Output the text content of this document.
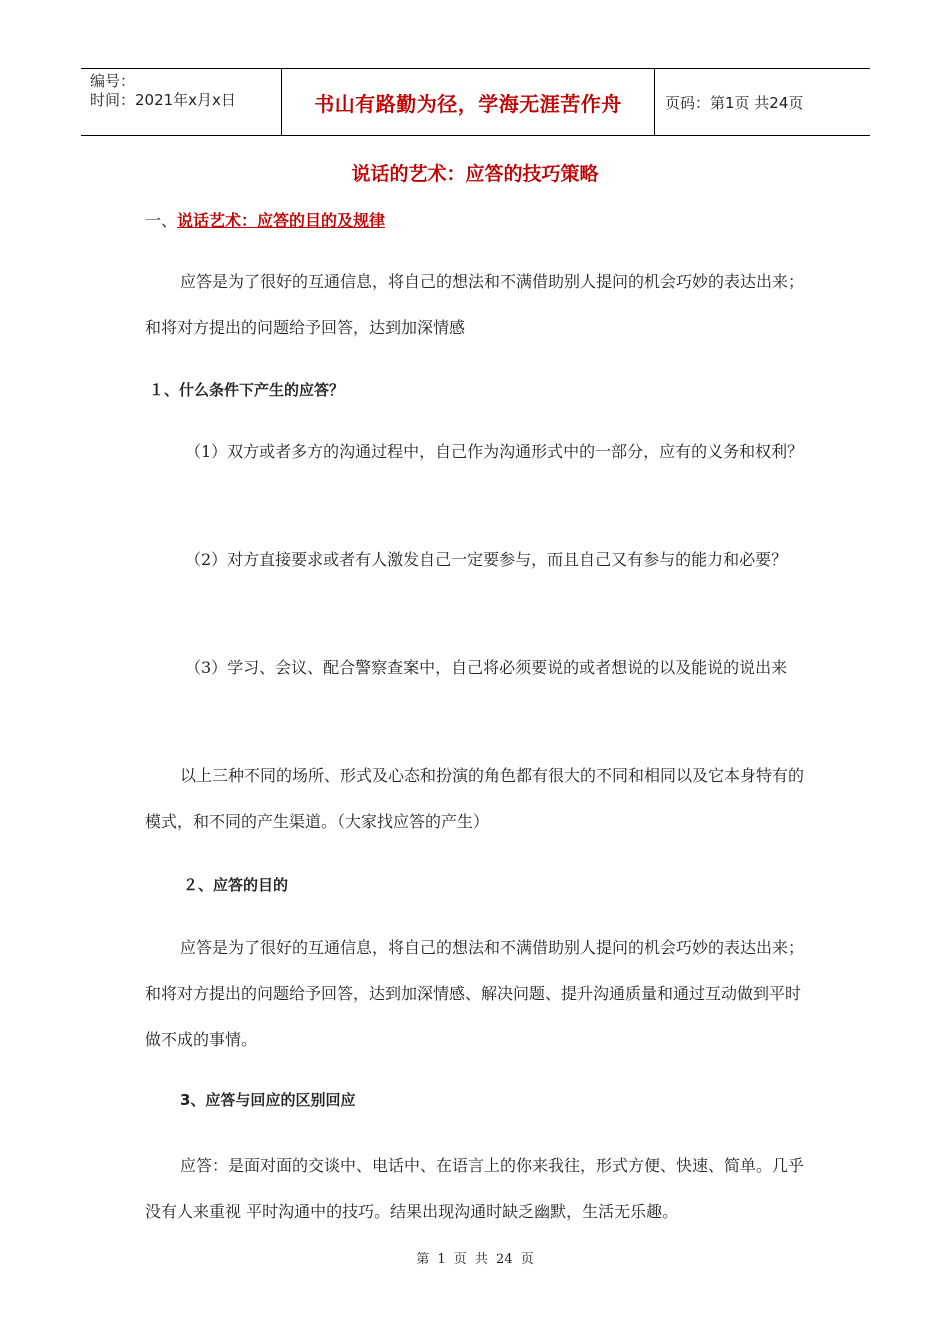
编号：
时间：2021年x月x日	书山有路勤为径，学海无涯苦作舟	页码：第1页 共24页
说话的艺术：应答的技巧策略
一、说话艺术：应答的目的及规律
应答是为了很好的互通信息，将自己的想法和不满借助别人提问的机会巧妙的表达出来；和将对方提出的问题给予回答，达到加深情感
１、什么条件下产生的应答？
（1）双方或者多方的沟通过程中，自己作为沟通形式中的一部分，应有的义务和权利？
（2）对方直接要求或者有人激发自己一定要参与，而且自己又有参与的能力和必要？
（3）学习、会议、配合警察查案中，自己将必须要说的或者想说的以及能说的说出来
以上三种不同的场所、形式及心态和扮演的角色都有很大的不同和相同以及它本身特有的模式，和不同的产生渠道。（大家找应答的产生）
２、应答的目的
应答是为了很好的互通信息，将自己的想法和不满借助别人提问的机会巧妙的表达出来；和将对方提出的问题给予回答，达到加深情感、解决问题、提升沟通质量和通过互动做到平时做不成的事情。
3、应答与回应的区别回应
应答：是面对面的交谈中、电话中、在语言上的你来我往，形式方便、快速、简单。几乎没有人来重视 平时沟通中的技巧。结果出现沟通时缺乏幽默，生活无乐趣。
第 1 页 共 24 页
